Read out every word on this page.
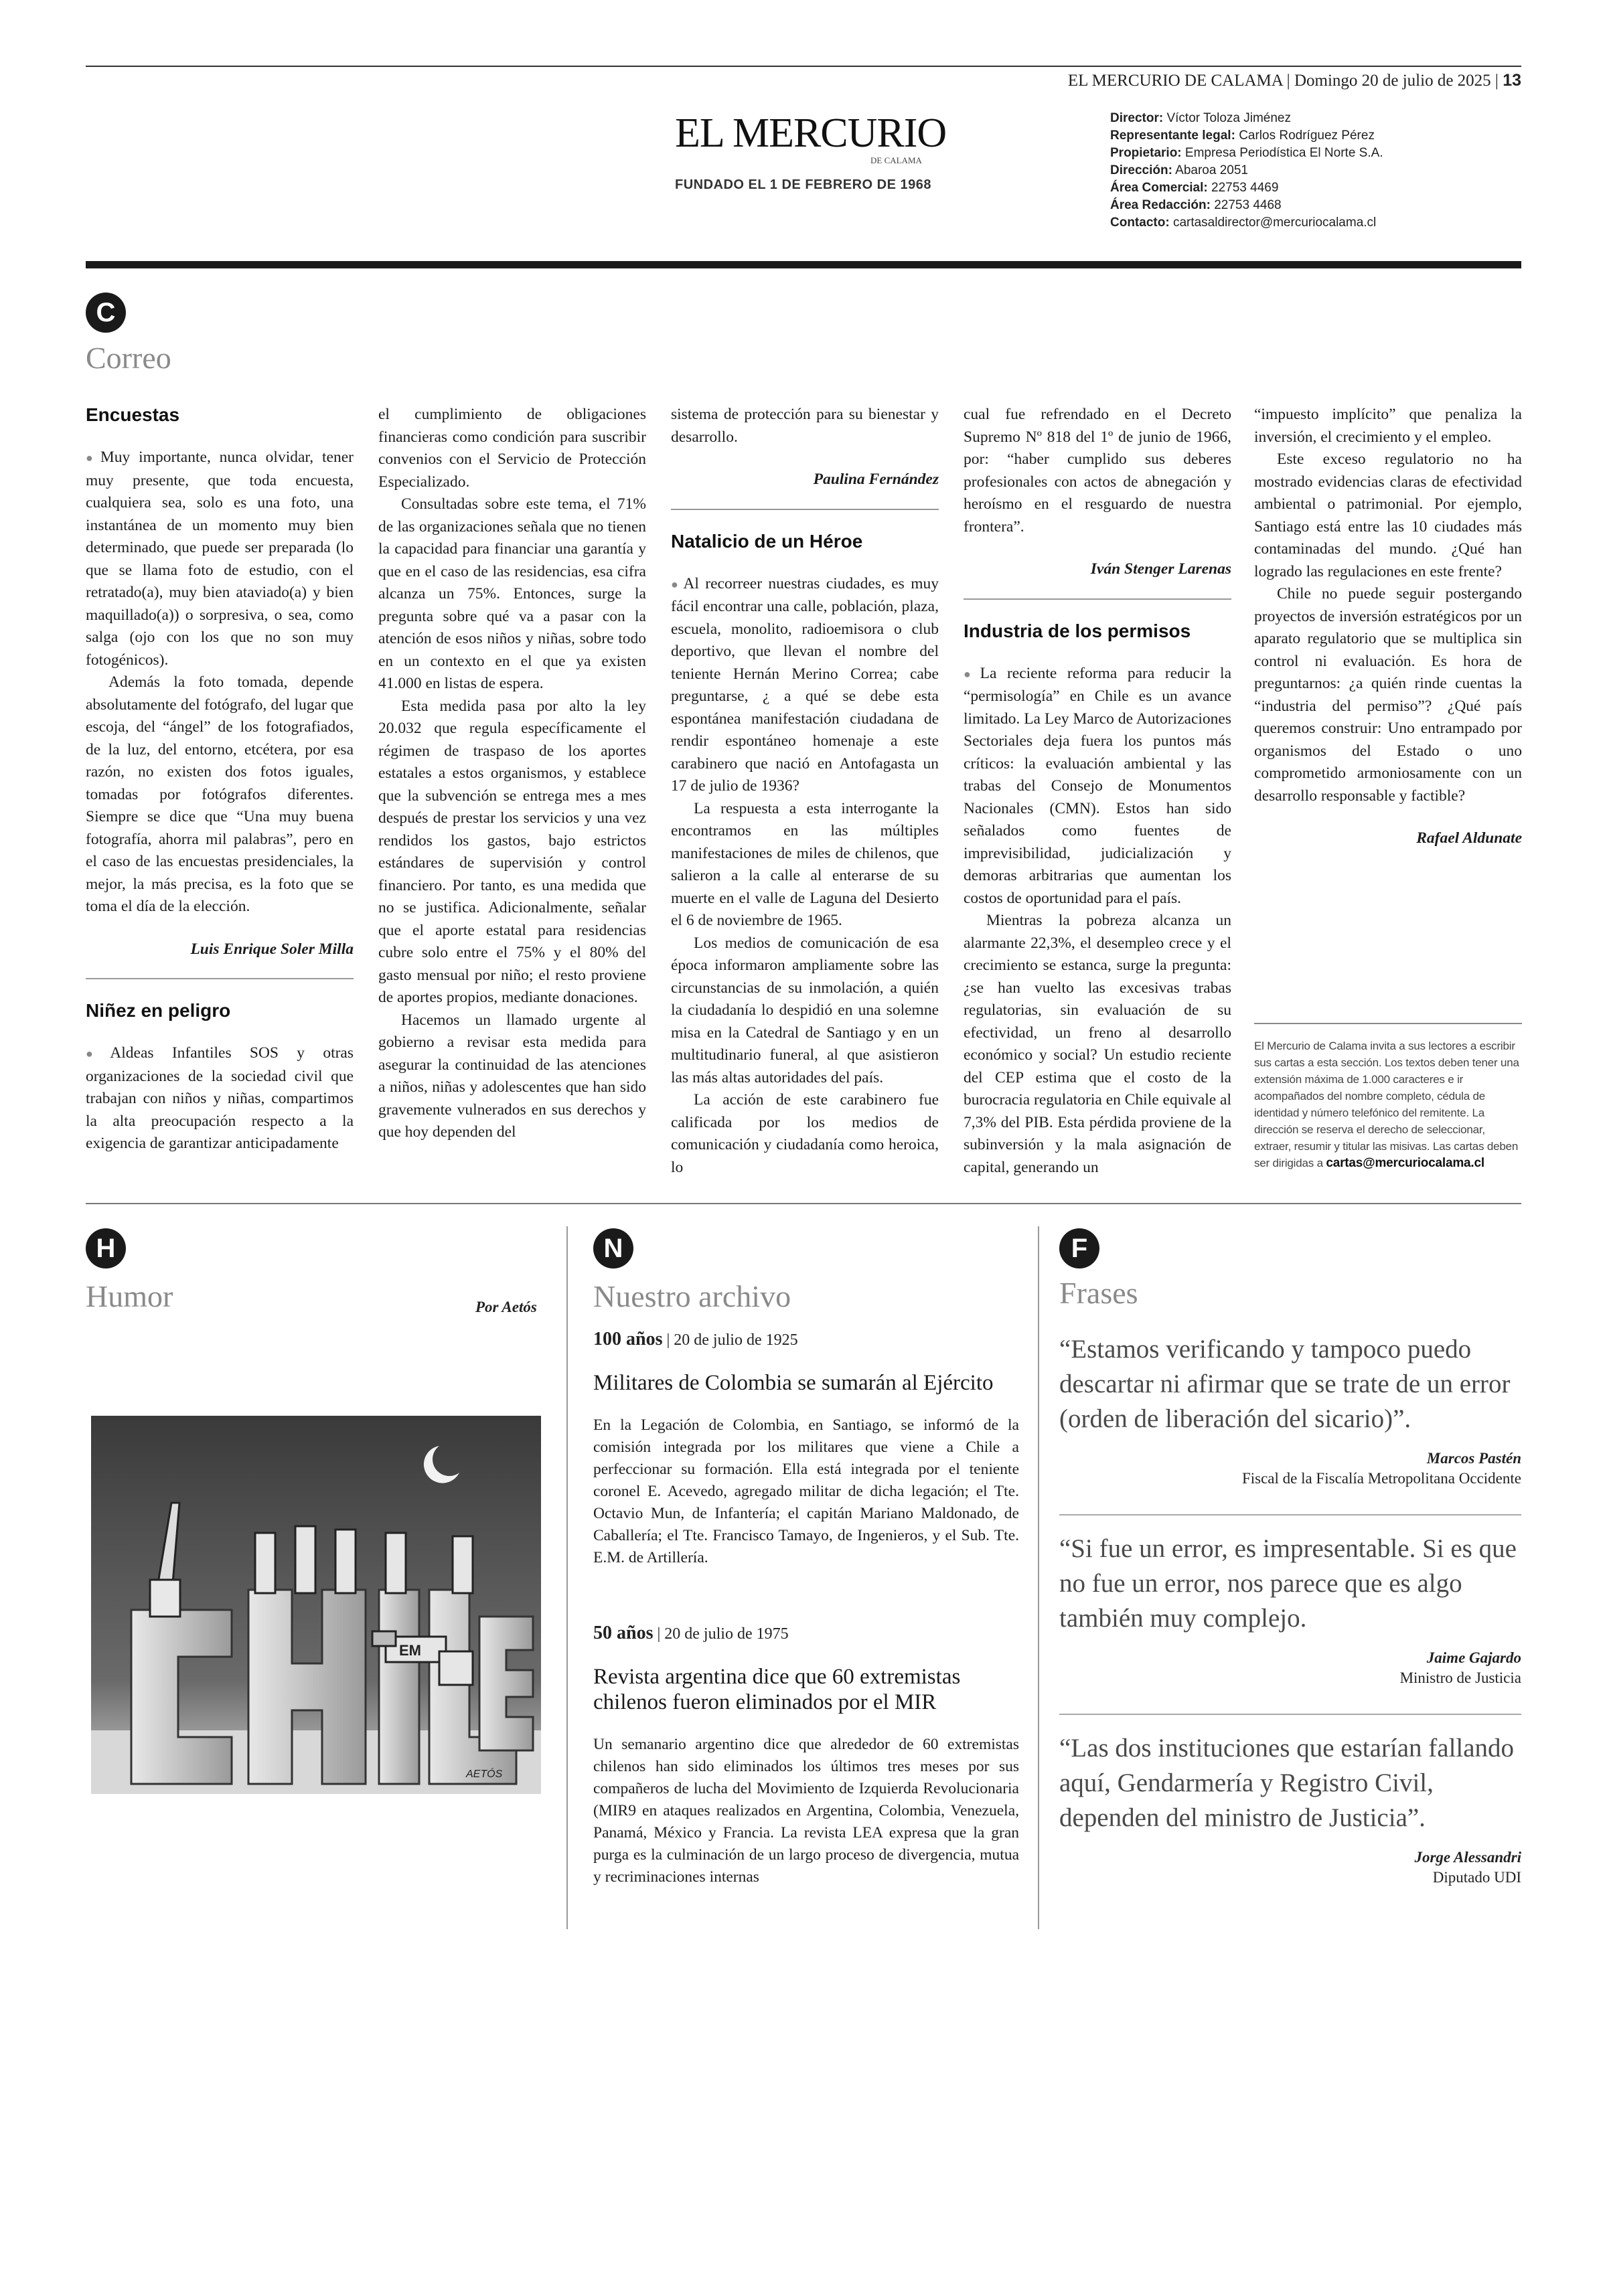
EL MERCURIO DE CALAMA | Domingo 20 de julio de 2025 | 13
EL MERCURIO
DE CALAMA
FUNDADO EL 1 DE FEBRERO DE 1968
Director: Víctor Toloza Jiménez
Representante legal: Carlos Rodríguez Pérez
Propietario: Empresa Periodística El Norte S.A.
Dirección: Abaroa 2051
Área Comercial: 22753 4469
Área Redacción: 22753 4468
Contacto: cartasaldirector@mercuriocalama.cl
C
Correo
Encuestas

● Muy importante, nunca olvidar, tener muy presente, que toda encuesta, cualquiera sea, solo es una foto, una instantánea de un momento muy bien determinado, que puede ser preparada (lo que se llama foto de estudio, con el retratado(a), muy bien ataviado(a) y bien maquillado(a)) o sorpresiva, o sea, como salga (ojo con los que no son muy fotogénicos).

Además la foto tomada, depende absolutamente del fotógrafo, del lugar que escoja, del “ángel” de los fotografiados, de la luz, del entorno, etcétera, por esa razón, no existen dos fotos iguales, tomadas por fotógrafos diferentes. Siempre se dice que “Una muy buena fotografía, ahorra mil palabras”, pero en el caso de las encuestas presidenciales, la mejor, la más precisa, es la foto que se toma el día de la elección.

Luis Enrique Soler Milla

Niñez en peligro

● Aldeas Infantiles SOS y otras organizaciones de la sociedad civil que trabajan con niños y niñas, compartimos la alta preocupación respecto a la exigencia de garantizar anticipadamente

el cumplimiento de obligaciones financieras como condición para suscribir convenios con el Servicio de Protección Especializado.

Consultadas sobre este tema, el 71% de las organizaciones señala que no tienen la capacidad para financiar una garantía y que en el caso de las residencias, esa cifra alcanza un 75%. Entonces, surge la pregunta sobre qué va a pasar con la atención de esos niños y niñas, sobre todo en un contexto en el que ya existen 41.000 en listas de espera.

Esta medida pasa por alto la ley 20.032 que regula específicamente el régimen de traspaso de los aportes estatales a estos organismos, y establece que la subvención se entrega mes a mes después de prestar los servicios y una vez rendidos los gastos, bajo estrictos estándares de supervisión y control financiero. Por tanto, es una medida que no se justifica. Adicionalmente, señalar que el aporte estatal para residencias cubre solo entre el 75% y el 80% del gasto mensual por niño; el resto proviene de aportes propios, mediante donaciones.

Hacemos un llamado urgente al gobierno a revisar esta medida para asegurar la continuidad de las atenciones a niños, niñas y adolescentes que han sido gravemente vulnerados en sus derechos y que hoy dependen del

sistema de protección para su bienestar y desarrollo.

Paulina Fernández

Natalicio de un Héroe

● Al recorreer nuestras ciudades, es muy fácil encontrar una calle, población, plaza, escuela, monolito, radioemisora o club deportivo, que llevan el nombre del teniente Hernán Merino Correa; cabe preguntarse, ¿ a qué se debe esta espontánea manifestación ciudadana de rendir espontáneo homenaje a este carabinero que nació en Antofagasta un 17 de julio de 1936?

La respuesta a esta interrogante la encontramos en las múltiples manifestaciones de miles de chilenos, que salieron a la calle al enterarse de su muerte en el valle de Laguna del Desierto el 6 de noviembre de 1965.

Los medios de comunicación de esa época informaron ampliamente sobre las circunstancias de su inmolación, a quién la ciudadanía lo despidió en una solemne misa en la Catedral de Santiago y en un multitudinario funeral, al que asistieron las más altas autoridades del país.

La acción de este carabinero fue calificada por los medios de comunicación y ciudadanía como heroica, lo

cual fue refrendado en el Decreto Supremo Nº 818 del 1º de junio de 1966, por: “haber cumplido sus deberes profesionales con actos de abnegación y heroísmo en el resguardo de nuestra frontera”.

Iván Stenger Larenas

Industria de los permisos

● La reciente reforma para reducir la “permisología” en Chile es un avance limitado. La Ley Marco de Autorizaciones Sectoriales deja fuera los puntos más críticos: la evaluación ambiental y las trabas del Consejo de Monumentos Nacionales (CMN). Estos han sido señalados como fuentes de imprevisibilidad, judicialización y demoras arbitrarias que aumentan los costos de oportunidad para el país.

Mientras la pobreza alcanza un alarmante 22,3%, el desempleo crece y el crecimiento se estanca, surge la pregunta: ¿se han vuelto las excesivas trabas regulatorias, sin evaluación de su efectividad, un freno al desarrollo económico y social? Un estudio reciente del CEP estima que el costo de la burocracia regulatoria en Chile equivale al 7,3% del PIB. Esta pérdida proviene de la subinversión y la mala asignación de capital, generando un

“impuesto implícito” que penaliza la inversión, el crecimiento y el empleo.

Este exceso regulatorio no ha mostrado evidencias claras de efectividad ambiental o patrimonial. Por ejemplo, Santiago está entre las 10 ciudades más contaminadas del mundo. ¿Qué han logrado las regulaciones en este frente?

Chile no puede seguir postergando proyectos de inversión estratégicos por un aparato regulatorio que se multiplica sin control ni evaluación. Es hora de preguntarnos: ¿a quién rinde cuentas la “industria del permiso”? ¿Qué país queremos construir: Uno entrampado por organismos del Estado o uno comprometido armoniosamente con un desarrollo responsable y factible?

Rafael Aldunate

El Mercurio de Calama invita a sus lectores a escribir sus cartas a esta sección. Los textos deben tener una extensión máxima de 1.000 caracteres e ir acompañados del nombre completo, cédula de identidad y número telefónico del remitente. La dirección se reserva el derecho de seleccionar, extraer, resumir y titular las misivas. Las cartas deben ser dirigidas a cartas@mercuriocalama.cl
H
Humor	Por Aetós
EM
AETÓS
N
Nuestro archivo
100 años | 20 de julio de 1925
Militares de Colombia se sumarán al Ejército
En la Legación de Colombia, en Santiago, se informó de la comisión integrada por los militares que viene a Chile a perfeccionar su formación. Ella está integrada por el teniente coronel E. Acevedo, agregado militar de dicha legación; el Tte. Octavio Mun, de Infantería; el capitán Mariano Maldonado, de Caballería; el Tte. Francisco Tamayo, de Ingenieros, y el Sub. Tte. E.M. de Artillería.
50 años | 20 de julio de 1975
Revista argentina dice que 60 extremistas chilenos fueron eliminados por el MIR
Un semanario argentino dice que alrededor de 60 extremistas chilenos han sido eliminados los últimos tres meses por sus compañeros de lucha del Movimiento de Izquierda Revolucionaria (MIR9 en ataques realizados en Argentina, Colombia, Venezuela, Panamá, México y Francia. La revista LEA expresa que la gran purga es la culminación de un largo proceso de divergencia, mutua y recriminaciones internas
F
Frases
“Estamos verificando y tampoco puedo descartar ni afirmar que se trate de un error (orden de liberación del sicario)”.
Marcos Pastén
Fiscal de la Fiscalía Metropolitana Occidente
“Si fue un error, es impresentable. Si es que no fue un error, nos parece que es algo también muy complejo.
Jaime Gajardo
Ministro de Justicia
“Las dos instituciones que estarían fallando aquí, Gendarmería y Registro Civil, dependen del ministro de Justicia”.
Jorge Alessandri
Diputado UDI
